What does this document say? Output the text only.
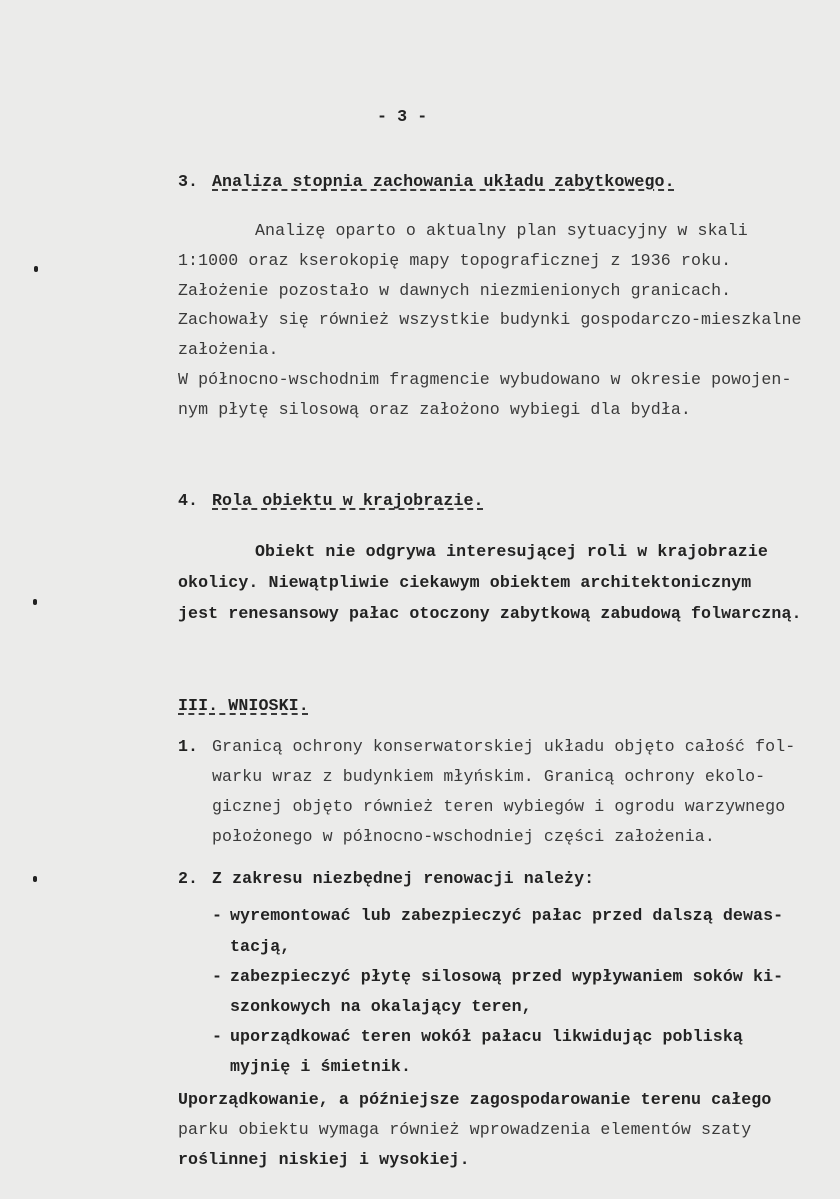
- 3 -
3. Analiza stopnia zachowania układu zabytkowego.
Analizę oparto o aktualny plan sytuacyjny w skali
1:1000 oraz kserokopię mapy topograficznej z 1936 roku.
Założenie pozostało w dawnych niezmienionych granicach.
Zachowały się również wszystkie budynki gospodarczo-mieszkalne
założenia.
W północno-wschodnim fragmencie wybudowano w okresie powojen-
nym płytę silosową oraz założono wybiegi dla bydła.
4. Rola obiektu w krajobrazie.
Obiekt nie odgrywa interesującej roli w krajobrazie
okolicy. Niewątpliwie ciekawym obiektem architektonicznym
jest renesansowy pałac otoczony zabytkową zabudową folwarczną.
III. WNIOSKI.
1. Granicą ochrony konserwatorskiej układu objęto całość fol-
warku wraz z budynkiem młyńskim. Granicą ochrony ekolo-
gicznej objęto również teren wybiegów i ogrodu warzywnego
położonego w północno-wschodniej części założenia.
2. Z zakresu niezbędnej renowacji należy:
- wyremontować lub zabezpieczyć pałac przed dalszą dewas-
tacją,
- zabezpieczyć płytę silosową przed wypływaniem soków ki-
szonkowych na okalający teren,
- uporządkować teren wokół pałacu likwidując pobliską
myjnię i śmietnik.
Uporządkowanie, a późniejsze zagospodarowanie terenu całego
parku obiektu wymaga również wprowadzenia elementów szaty
roślinnej niskiej i wysokiej.
